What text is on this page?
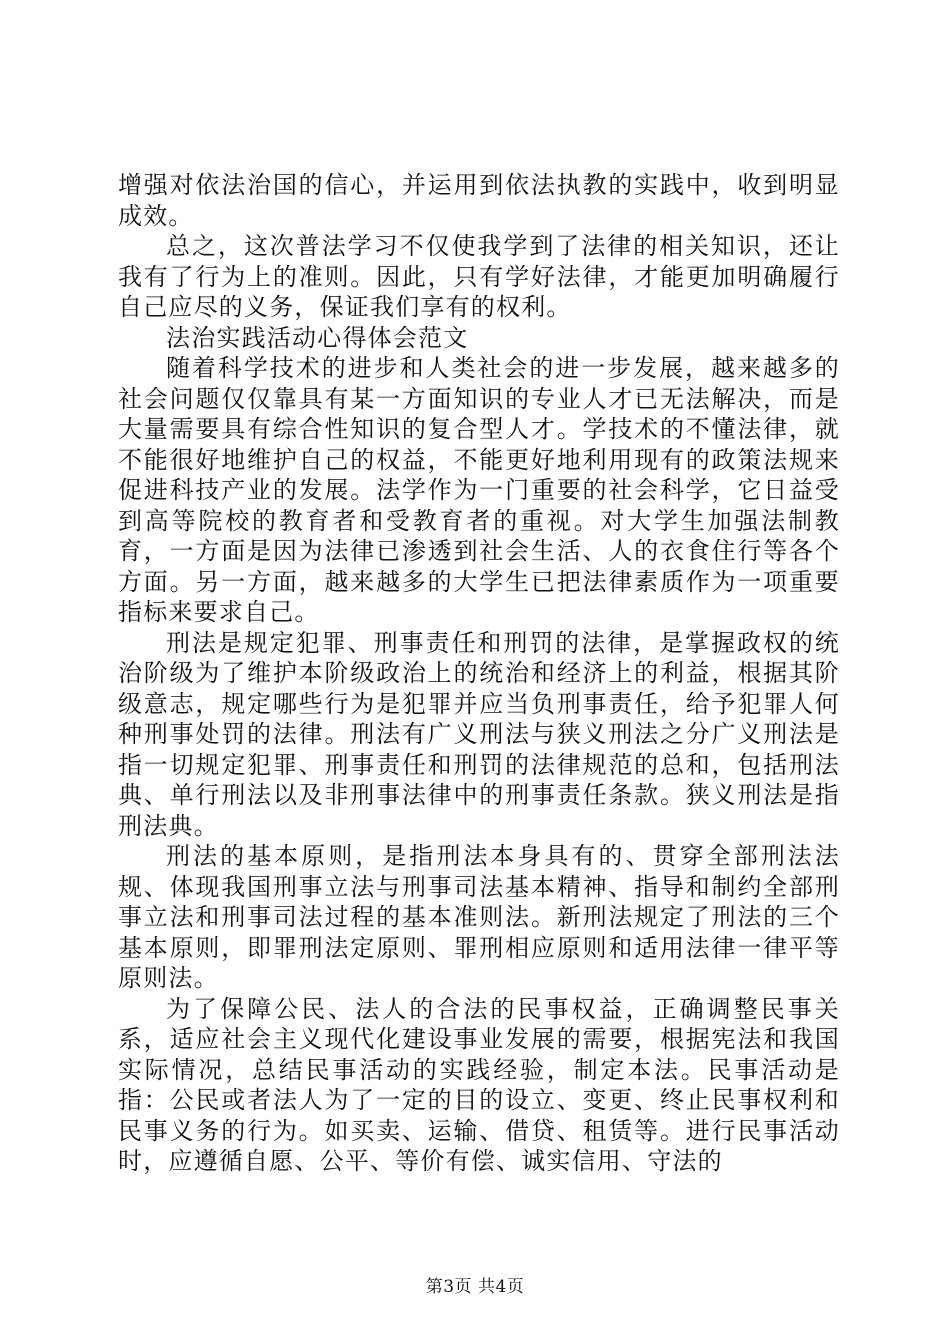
增强对依法治国的信心，并运用到依法执教的实践中，收到明显成效。

总之，这次普法学习不仅使我学到了法律的相关知识，还让我有了行为上的准则。因此，只有学好法律，才能更加明确履行自己应尽的义务，保证我们享有的权利。

法治实践活动心得体会范文

随着科学技术的进步和人类社会的进一步发展，越来越多的社会问题仅仅靠具有某一方面知识的专业人才已无法解决，而是大量需要具有综合性知识的复合型人才。学技术的不懂法律，就不能很好地维护自己的权益，不能更好地利用现有的政策法规来促进科技产业的发展。法学作为一门重要的社会科学，它日益受到高等院校的教育者和受教育者的重视。对大学生加强法制教育，一方面是因为法律已渗透到社会生活、人的衣食住行等各个方面。另一方面，越来越多的大学生已把法律素质作为一项重要指标来要求自己。

刑法是规定犯罪、刑事责任和刑罚的法律，是掌握政权的统治阶级为了维护本阶级政治上的统治和经济上的利益，根据其阶级意志，规定哪些行为是犯罪并应当负刑事责任，给予犯罪人何种刑事处罚的法律。刑法有广义刑法与狭义刑法之分广义刑法是指一切规定犯罪、刑事责任和刑罚的法律规范的总和，包括刑法典、单行刑法以及非刑事法律中的刑事责任条款。狭义刑法是指刑法典。

刑法的基本原则，是指刑法本身具有的、贯穿全部刑法法规、体现我国刑事立法与刑事司法基本精神、指导和制约全部刑事立法和刑事司法过程的基本准则法。新刑法规定了刑法的三个基本原则，即罪刑法定原则、罪刑相应原则和适用法律一律平等原则法。

为了保障公民、法人的合法的民事权益，正确调整民事关系，适应社会主义现代化建设事业发展的需要，根据宪法和我国实际情况，总结民事活动的实践经验，制定本法。民事活动是指：公民或者法人为了一定的目的设立、变更、终止民事权利和民事义务的行为。如买卖、运输、借贷、租赁等。进行民事活动时，应遵循自愿、公平、等价有偿、诚实信用、守法的

第3页 共4页
